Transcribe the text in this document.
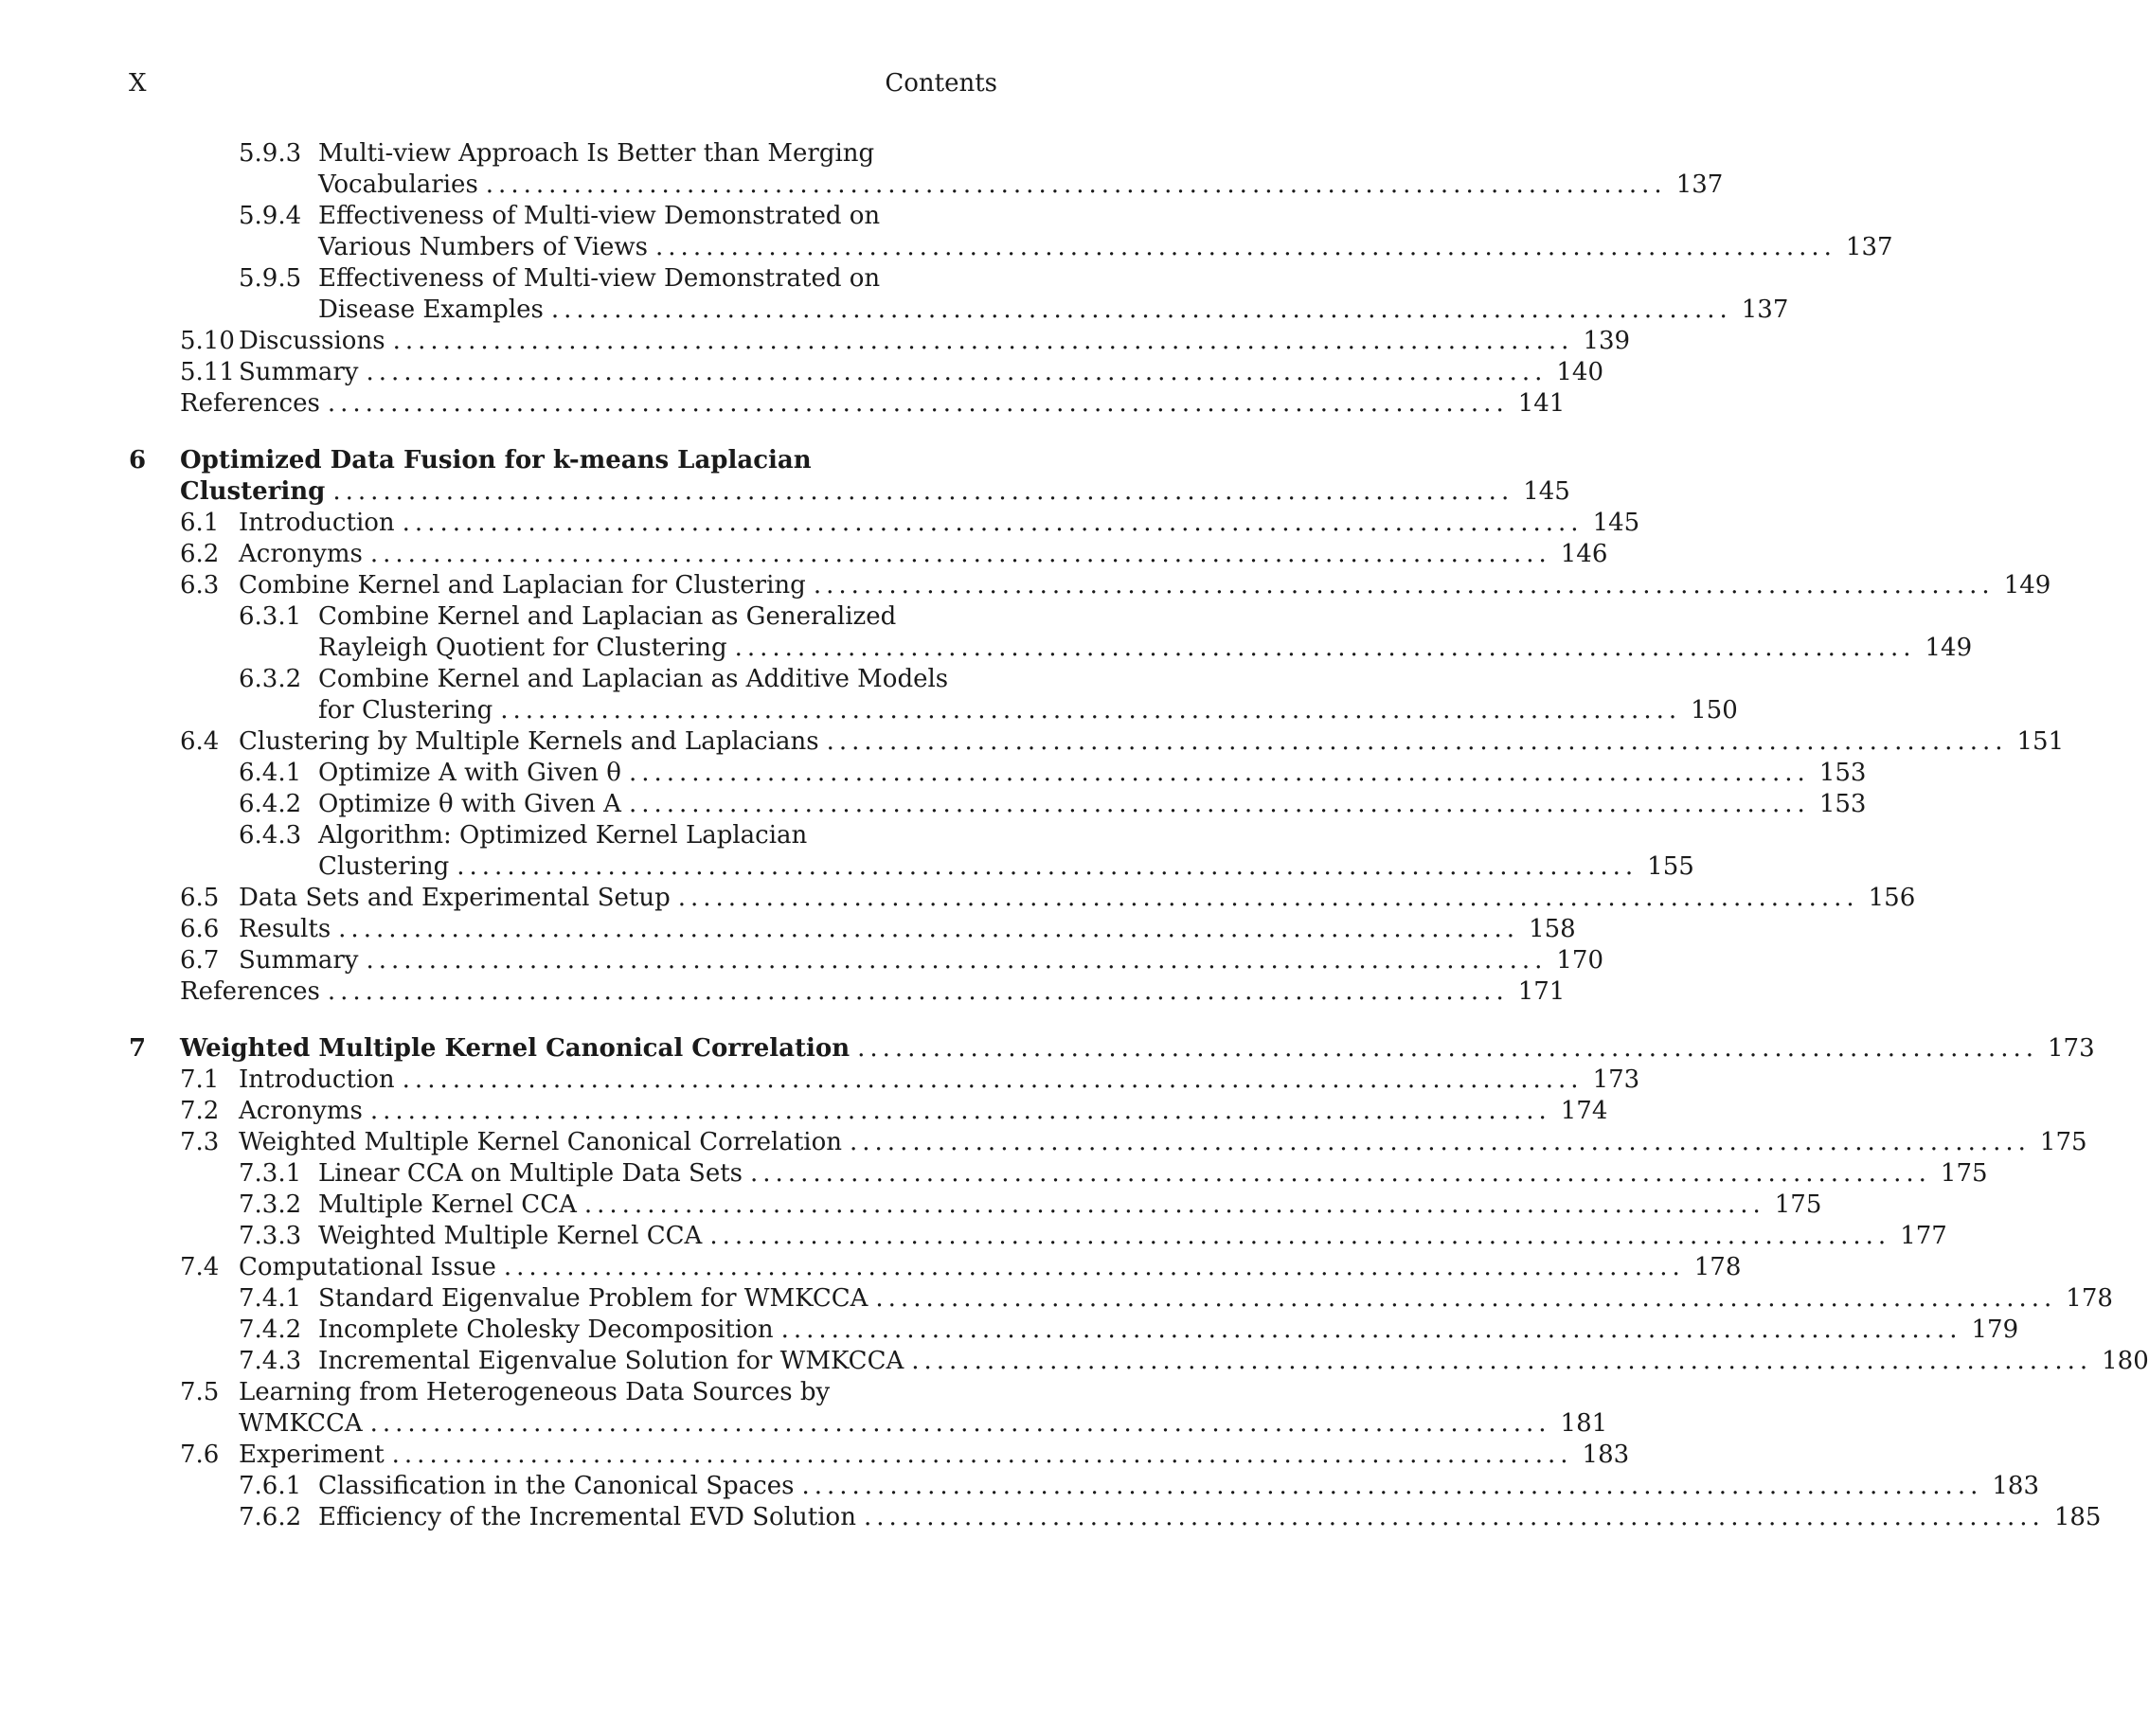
X	Contents
5.9.3 Multi-view Approach Is Better than Merging
Vocabularies .............................................................................................. 137
5.9.4 Effectiveness of Multi-view Demonstrated on
Various Numbers of Views .............................................................................................. 137
5.9.5 Effectiveness of Multi-view Demonstrated on
Disease Examples .............................................................................................. 137
5.10 Discussions .............................................................................................. 139
5.11 Summary .............................................................................................. 140
References .............................................................................................. 141
6 Optimized Data Fusion for k-means Laplacian
Clustering .............................................................................................. 145
6.1 Introduction .............................................................................................. 145
6.2 Acronyms .............................................................................................. 146
6.3 Combine Kernel and Laplacian for Clustering .............................................................................................. 149
6.3.1 Combine Kernel and Laplacian as Generalized
Rayleigh Quotient for Clustering .............................................................................................. 149
6.3.2 Combine Kernel and Laplacian as Additive Models
for Clustering .............................................................................................. 150
6.4 Clustering by Multiple Kernels and Laplacians .............................................................................................. 151
6.4.1 Optimize A with Given θ .............................................................................................. 153
6.4.2 Optimize θ with Given A .............................................................................................. 153
6.4.3 Algorithm: Optimized Kernel Laplacian
Clustering .............................................................................................. 155
6.5 Data Sets and Experimental Setup .............................................................................................. 156
6.6 Results .............................................................................................. 158
6.7 Summary .............................................................................................. 170
References .............................................................................................. 171
7 Weighted Multiple Kernel Canonical Correlation .............................................................................................. 173
7.1 Introduction .............................................................................................. 173
7.2 Acronyms .............................................................................................. 174
7.3 Weighted Multiple Kernel Canonical Correlation .............................................................................................. 175
7.3.1 Linear CCA on Multiple Data Sets .............................................................................................. 175
7.3.2 Multiple Kernel CCA .............................................................................................. 175
7.3.3 Weighted Multiple Kernel CCA .............................................................................................. 177
7.4 Computational Issue .............................................................................................. 178
7.4.1 Standard Eigenvalue Problem for WMKCCA .............................................................................................. 178
7.4.2 Incomplete Cholesky Decomposition .............................................................................................. 179
7.4.3 Incremental Eigenvalue Solution for WMKCCA .............................................................................................. 180
7.5 Learning from Heterogeneous Data Sources by
WMKCCA .............................................................................................. 181
7.6 Experiment .............................................................................................. 183
7.6.1 Classification in the Canonical Spaces .............................................................................................. 183
7.6.2 Efficiency of the Incremental EVD Solution .............................................................................................. 185
